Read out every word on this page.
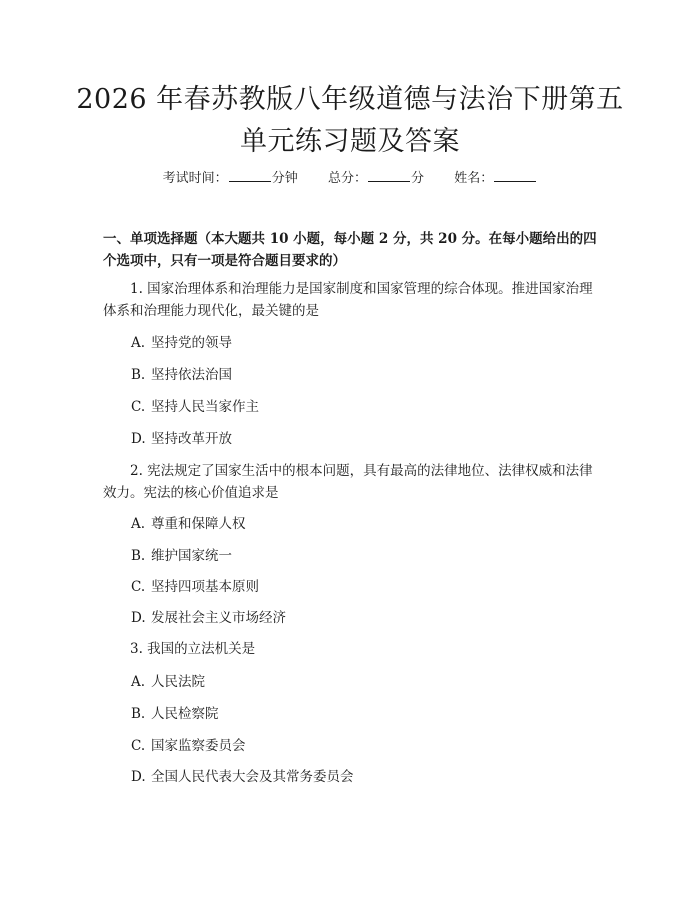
2026 年春苏教版八年级道德与法治下册第五
单元练习题及答案
考试时间：	分钟 总分：	分 姓名：
一、单项选择题（本大题共 10 小题，每小题 2 分，共 20 分。在每小题给出的四个选项中，只有一项是符合题目要求的）
1. 国家治理体系和治理能力是国家制度和国家管理的综合体现。推进国家治理体系和治理能力现代化，最关键的是
A. 坚持党的领导
B. 坚持依法治国
C. 坚持人民当家作主
D. 坚持改革开放
2. 宪法规定了国家生活中的根本问题，具有最高的法律地位、法律权威和法律效力。宪法的核心价值追求是
A. 尊重和保障人权
B. 维护国家统一
C. 坚持四项基本原则
D. 发展社会主义市场经济
3. 我国的立法机关是
A. 人民法院
B. 人民检察院
C. 国家监察委员会
D. 全国人民代表大会及其常务委员会
